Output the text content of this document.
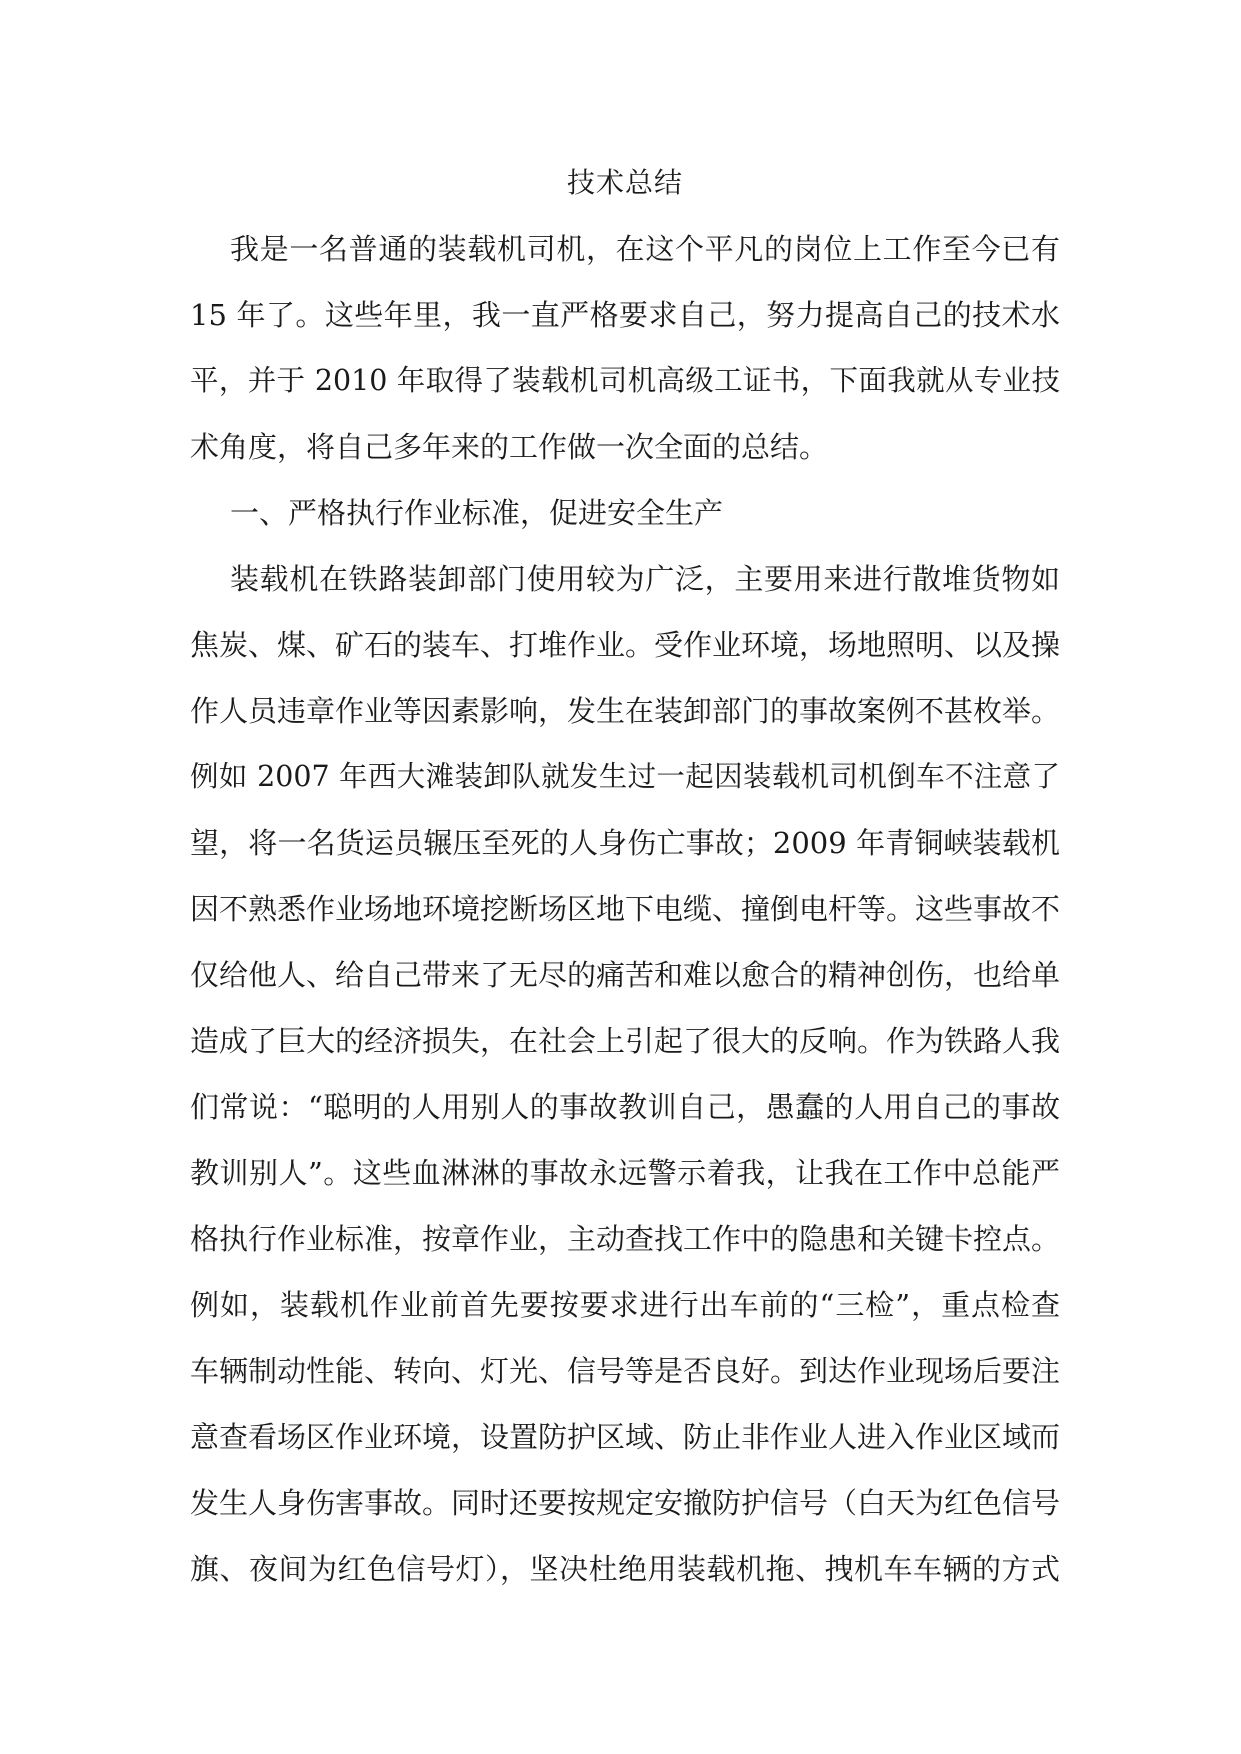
技术总结

我是一名普通的装载机司机，在这个平凡的岗位上工作至今已有

15 年了。这些年里，我一直严格要求自己，努力提高自己的技术水

平，并于 2010 年取得了装载机司机高级工证书，下面我就从专业技

术角度，将自己多年来的工作做一次全面的总结。

一、严格执行作业标准，促进安全生产

装载机在铁路装卸部门使用较为广泛，主要用来进行散堆货物如

焦炭、煤、矿石的装车、打堆作业。受作业环境，场地照明、以及操

作人员违章作业等因素影响，发生在装卸部门的事故案例不甚枚举。

例如 2007 年西大滩装卸队就发生过一起因装载机司机倒车不注意了

望，将一名货运员辗压至死的人身伤亡事故；2009 年青铜峡装载机

因不熟悉作业场地环境挖断场区地下电缆、撞倒电杆等。这些事故不

仅给他人、给自己带来了无尽的痛苦和难以愈合的精神创伤，也给单

造成了巨大的经济损失，在社会上引起了很大的反响。作为铁路人我

们常说：“聪明的人用别人的事故教训自己，愚蠢的人用自己的事故

教训别人”。这些血淋淋的事故永远警示着我，让我在工作中总能严

格执行作业标准，按章作业，主动查找工作中的隐患和关键卡控点。

例如，装载机作业前首先要按要求进行出车前的“三检”，重点检查

车辆制动性能、转向、灯光、信号等是否良好。到达作业现场后要注

意查看场区作业环境，设置防护区域、防止非作业人进入作业区域而

发生人身伤害事故。同时还要按规定安撤防护信号（白天为红色信号

旗、夜间为红色信号灯），坚决杜绝用装载机拖、拽机车车辆的方式
